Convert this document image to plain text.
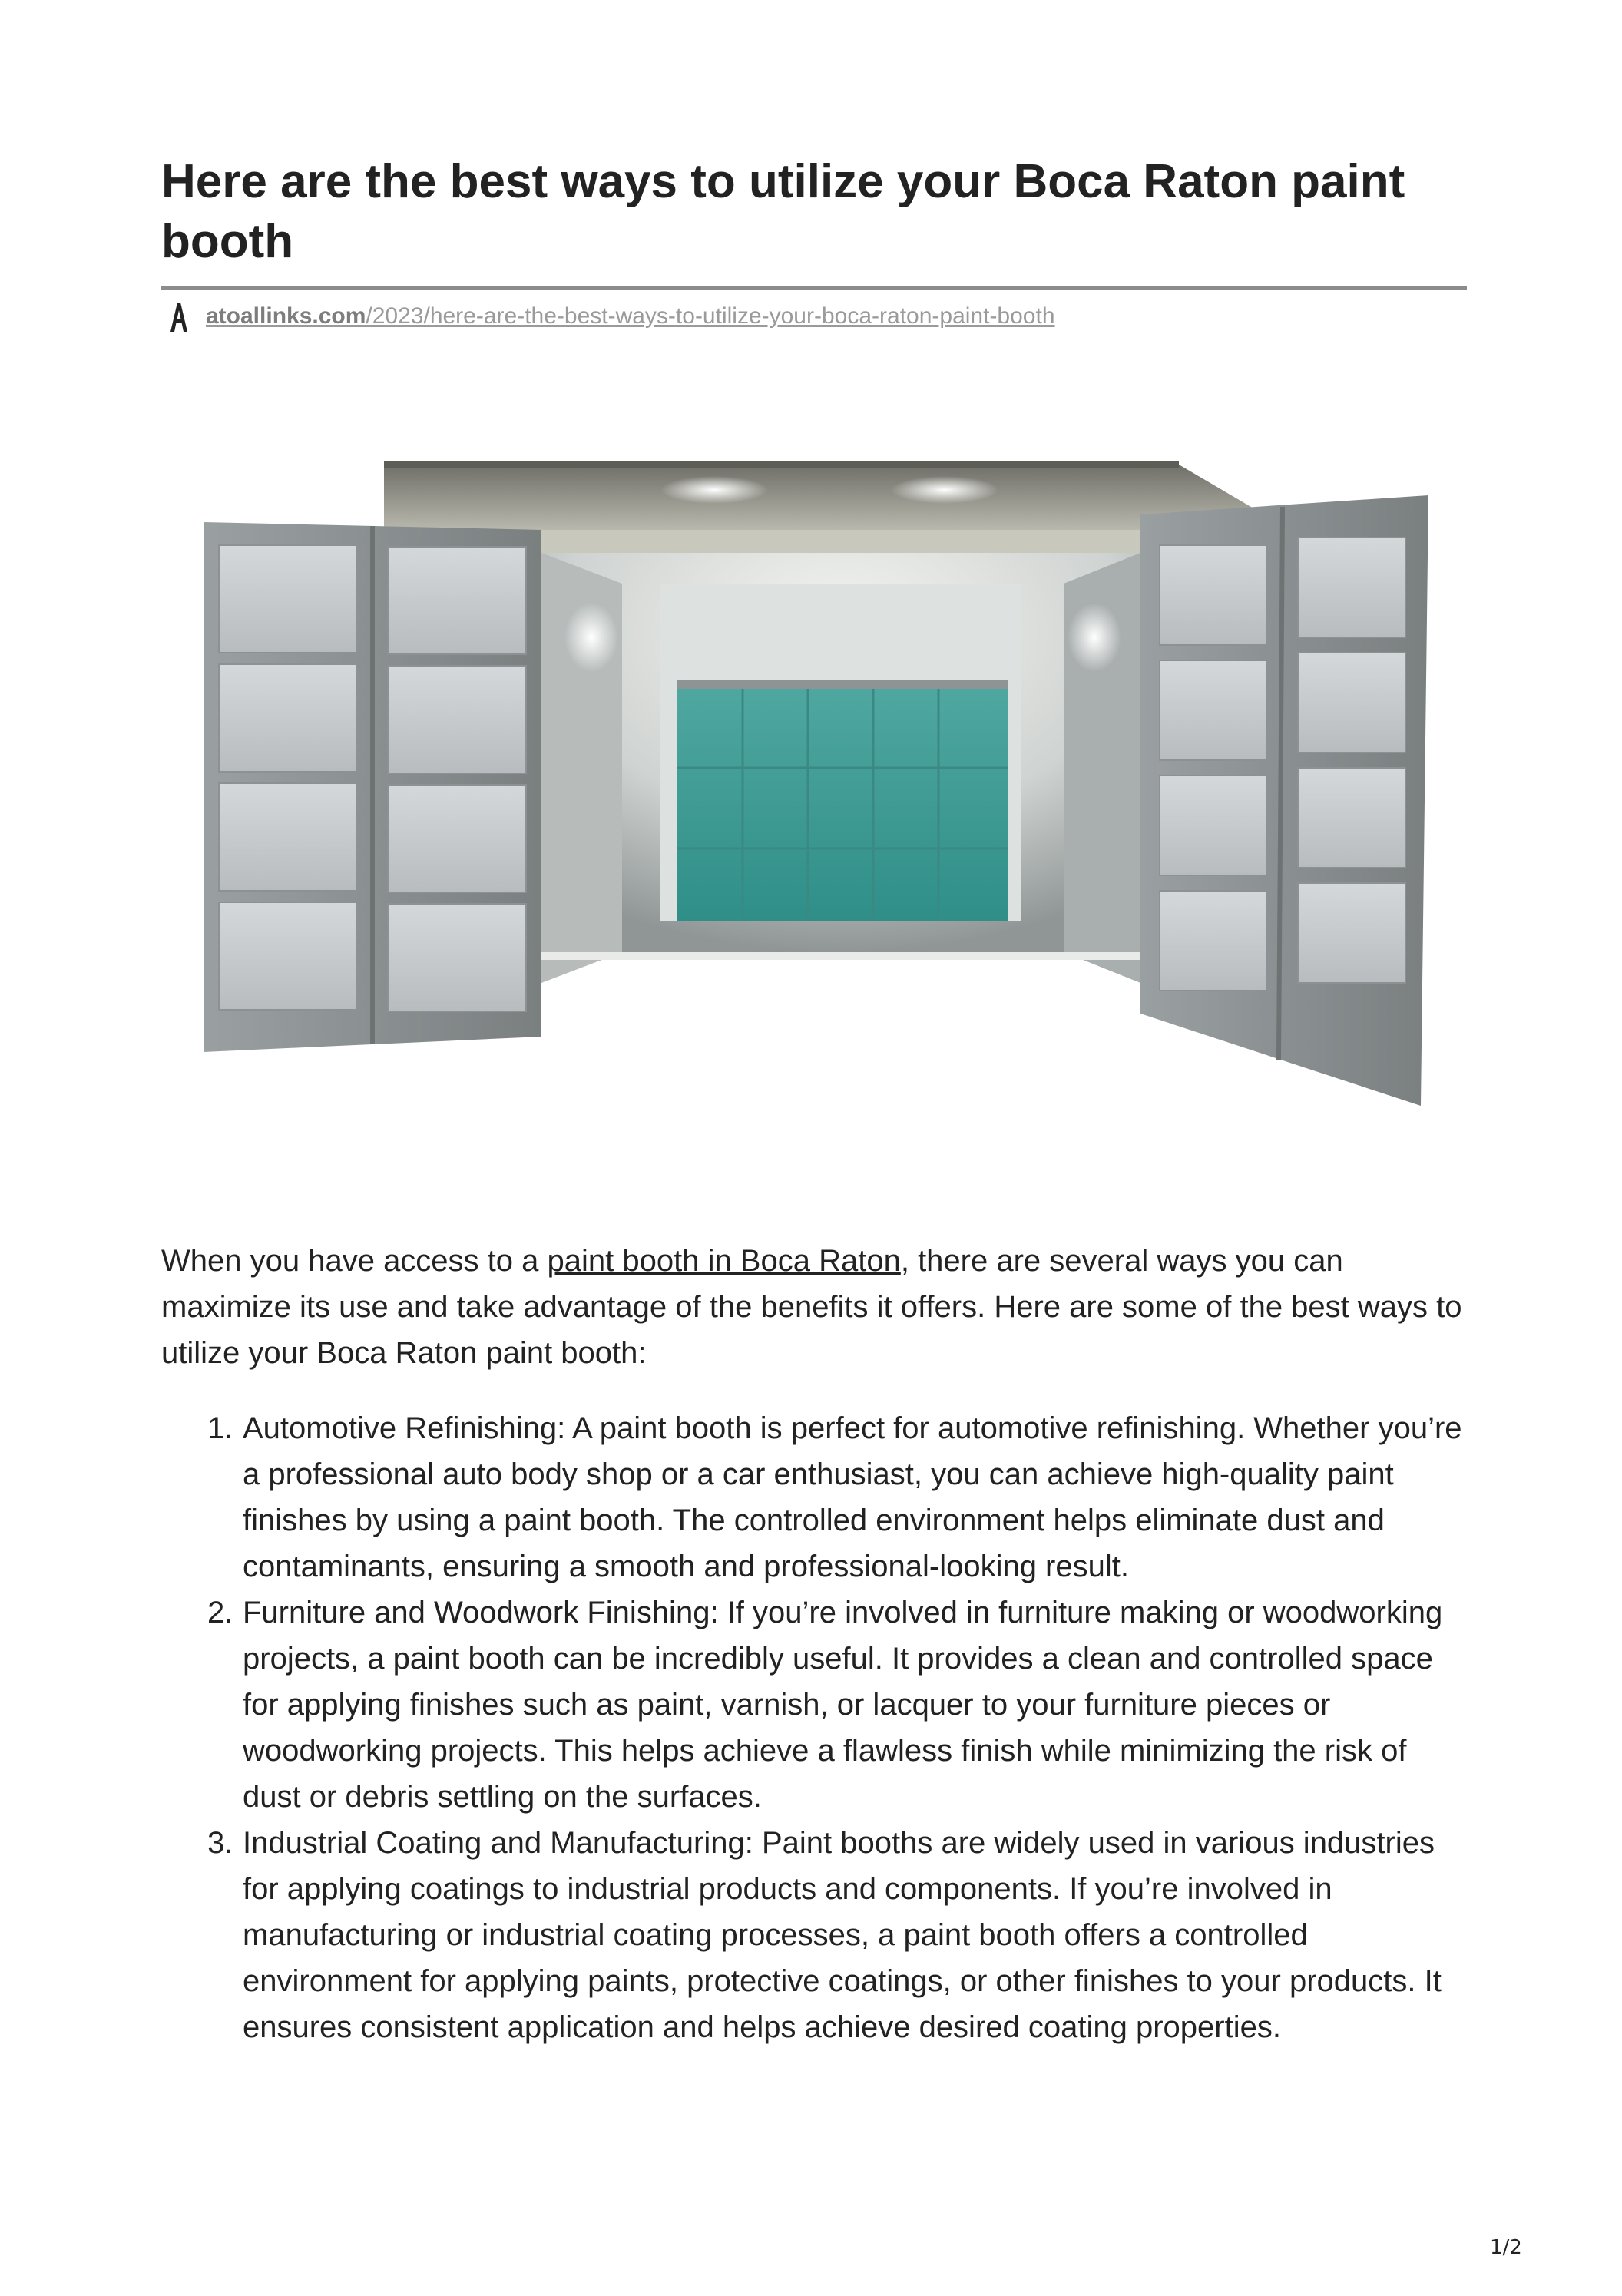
Here are the best ways to utilize your Boca Raton paint booth
A
atoallinks.com/2023/here-are-the-best-ways-to-utilize-your-boca-raton-paint-booth

When you have access to a paint booth in Boca Raton, there are several ways you can maximize its use and take advantage of the benefits it offers. Here are some of the best ways to utilize your Boca Raton paint booth:

1. Automotive Refinishing: A paint booth is perfect for automotive refinishing. Whether you’re a professional auto body shop or a car enthusiast, you can achieve high-quality paint finishes by using a paint booth. The controlled environment helps eliminate dust and contaminants, ensuring a smooth and professional-looking result.
2. Furniture and Woodwork Finishing: If you’re involved in furniture making or woodworking projects, a paint booth can be incredibly useful. It provides a clean and controlled space for applying finishes such as paint, varnish, or lacquer to your furniture pieces or woodworking projects. This helps achieve a flawless finish while minimizing the risk of dust or debris settling on the surfaces.
3. Industrial Coating and Manufacturing: Paint booths are widely used in various industries for applying coatings to industrial products and components. If you’re involved in manufacturing or industrial coating processes, a paint booth offers a controlled environment for applying paints, protective coatings, or other finishes to your products. It ensures consistent application and helps achieve desired coating properties.
1/2
